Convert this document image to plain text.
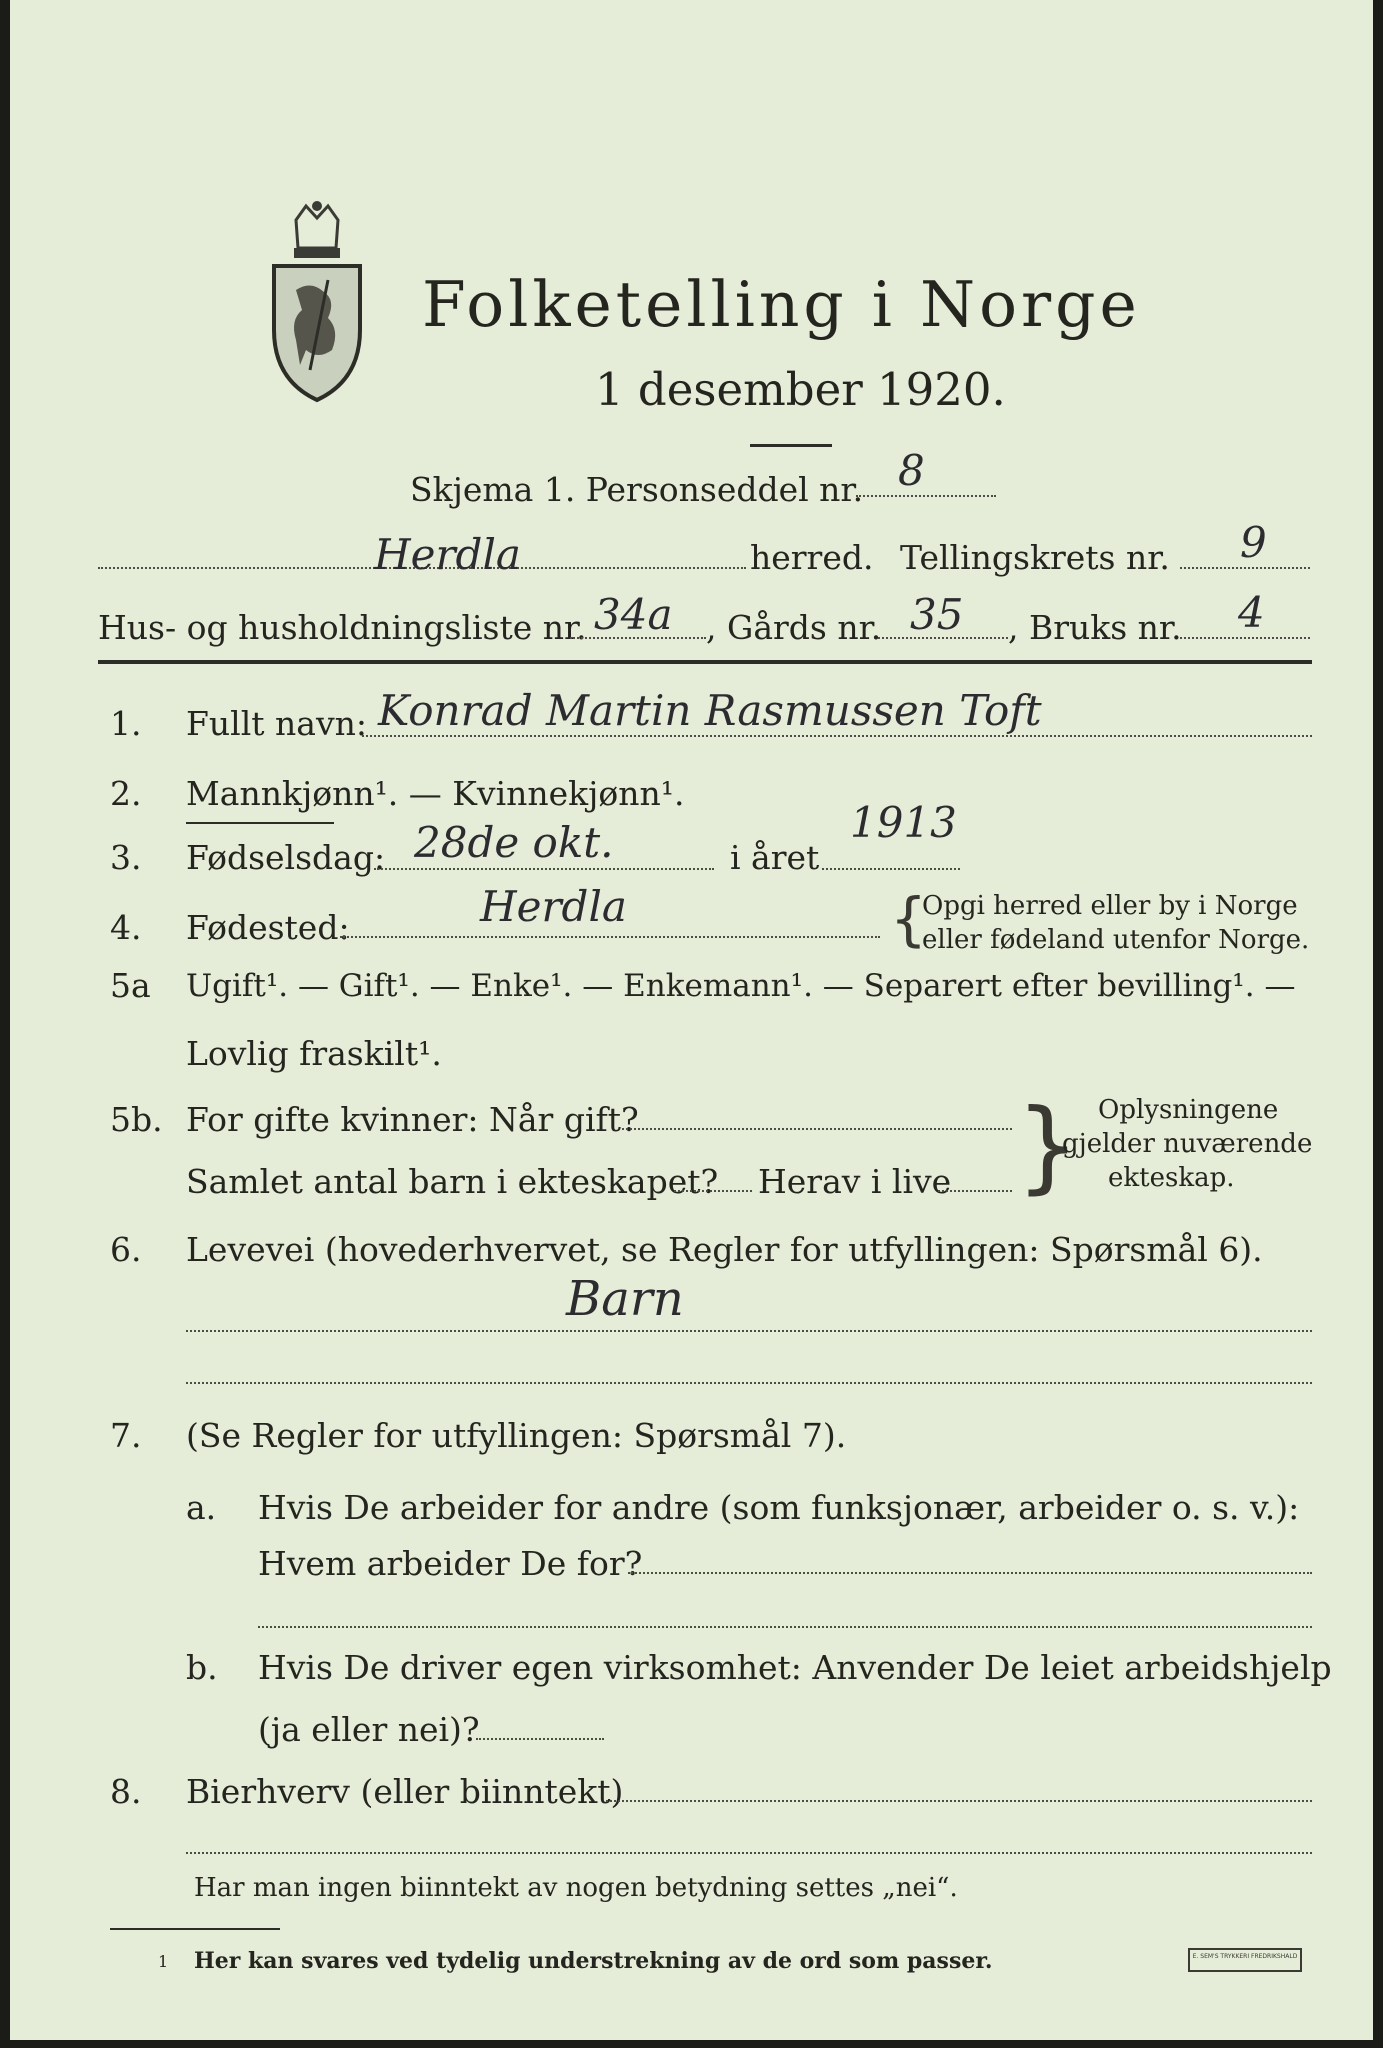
Folketelling i Norge
1 desember 1920.
Skjema 1. Personseddel nr. 8
Herdla	herred. Tellingskrets nr. 9
Hus- og husholdningsliste nr. 34a , Gårds nr. 35 , Bruks nr. 4
1. Fullt navn: Konrad Martin Rasmussen Toft
2. Mannkjønn¹. — Kvinnekjønn¹.
3. Fødselsdag: 28de okt.	i året
1913
4. Fødested:	Herdla	{
Opgi herred eller by i Norge
eller fødeland utenfor Norge.
5a Ugift¹. — Gift¹. — Enke¹. — Enkemann¹. — Separert efter bevilling¹. —
Lovlig fraskilt¹.
5b. For gifte kvinner: Når gift?
Samlet antal barn i ekteskapet? Herav i live } Oplysningene
gjelder nuværende
ekteskap.
6. Levevei (hovederhvervet, se Regler for utfyllingen: Spørsmål 6).
Barn
7. (Se Regler for utfyllingen: Spørsmål 7).
a. Hvis De arbeider for andre (som funksjonær, arbeider o. s. v.):
Hvem arbeider De for?
b. Hvis De driver egen virksomhet: Anvender De leiet arbeidshjelp
(ja eller nei)?
8. Bierhverv (eller biinntekt)
Har man ingen biinntekt av nogen betydning settes „nei“.
1 Her kan svares ved tydelig understrekning av de ord som passer.	E. SEM'S TRYKKERI FREDRIKSHALD
